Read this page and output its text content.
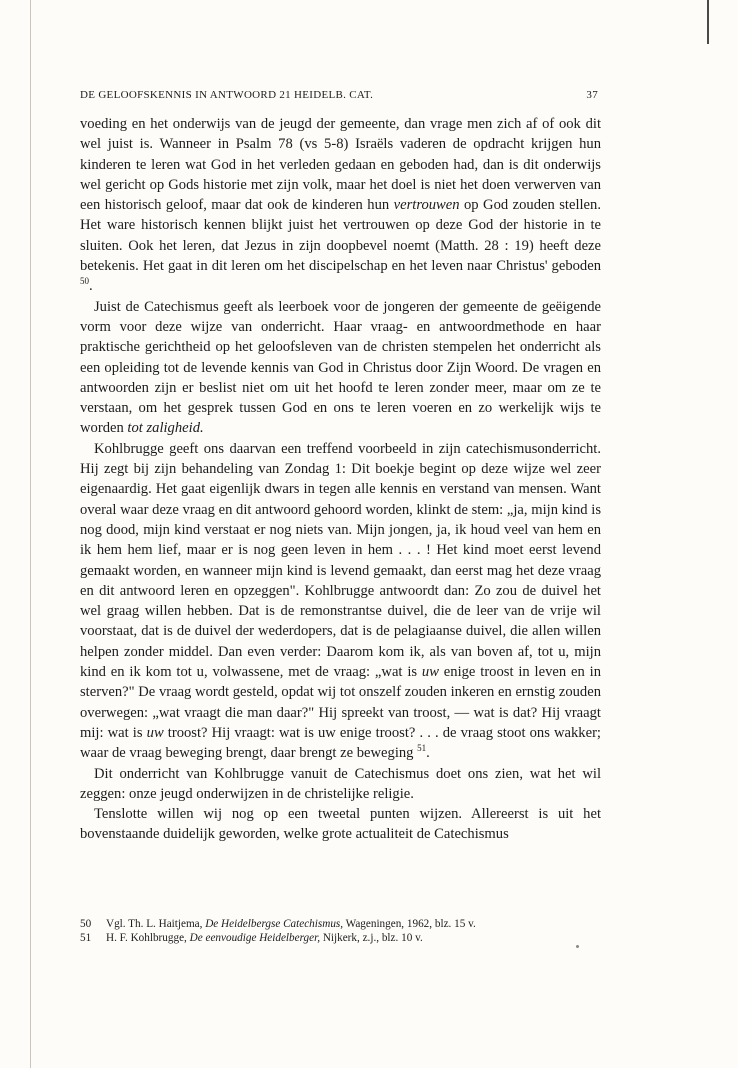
DE GELOOFSKENNIS IN ANTWOORD 21 HEIDELB. CAT.	37

voeding en het onderwijs van de jeugd der gemeente, dan vrage men zich af of ook dit wel juist is. Wanneer in Psalm 78 (vs 5-8) Israëls vaderen de opdracht krijgen hun kinderen te leren wat God in het verleden gedaan en geboden had, dan is dit onderwijs wel gericht op Gods historie met zijn volk, maar het doel is niet het doen verwerven van een historisch geloof, maar dat ook de kinderen hun vertrouwen op God zouden stellen. Het ware historisch kennen blijkt juist het vertrouwen op deze God der historie in te sluiten. Ook het leren, dat Jezus in zijn doopbevel noemt (Matth. 28 : 19) heeft deze betekenis. Het gaat in dit leren om het discipelschap en het leven naar Christus' geboden $^{50}$.

Juist de Catechismus geeft als leerboek voor de jongeren der gemeente de geëigende vorm voor deze wijze van onderricht. Haar vraag- en antwoordmethode en haar praktische gerichtheid op het geloofsleven van de christen stempelen het onderricht als een opleiding tot de levende kennis van God in Christus door Zijn Woord. De vragen en antwoorden zijn er beslist niet om uit het hoofd te leren zonder meer, maar om ze te verstaan, om het gesprek tussen God en ons te leren voeren en zo werkelijk wijs te worden tot zaligheid.

Kohlbrugge geeft ons daarvan een treffend voorbeeld in zijn catechismusonderricht. Hij zegt bij zijn behandeling van Zondag 1: Dit boekje begint op deze wijze wel zeer eigenaardig. Het gaat eigenlijk dwars in tegen alle kennis en verstand van mensen. Want overal waar deze vraag en dit antwoord gehoord worden, klinkt de stem: „ja, mijn kind is nog dood, mijn kind verstaat er nog niets van. Mijn jongen, ja, ik houd veel van hem en ik hem hem lief, maar er is nog geen leven in hem . . . ! Het kind moet eerst levend gemaakt worden, en wanneer mijn kind is levend gemaakt, dan eerst mag het deze vraag en dit antwoord leren en opzeggen". Kohlbrugge antwoordt dan: Zo zou de duivel het wel graag willen hebben. Dat is de remonstrantse duivel, die de leer van de vrije wil voorstaat, dat is de duivel der wederdopers, dat is de pelagiaanse duivel, die allen willen helpen zonder middel. Dan even verder: Daarom kom ik, als van boven af, tot u, mijn kind en ik kom tot u, volwassene, met de vraag: „wat is uw enige troost in leven en in sterven?" De vraag wordt gesteld, opdat wij tot onszelf zouden inkeren en ernstig zouden overwegen: „wat vraagt die man daar?" Hij spreekt van troost, — wat is dat? Hij vraagt mij: wat is uw troost? Hij vraagt: wat is uw enige troost? . . . de vraag stoot ons wakker; waar de vraag beweging brengt, daar brengt ze beweging $^{51}$.

Dit onderricht van Kohlbrugge vanuit de Catechismus doet ons zien, wat het wil zeggen: onze jeugd onderwijzen in de christelijke religie.

Tenslotte willen wij nog op een tweetal punten wijzen. Allereerst is uit het bovenstaande duidelijk geworden, welke grote actualiteit de Catechismus

50	Vgl. Th. L. Haitjema, De Heidelbergse Catechismus, Wageningen, 1962, blz. 15 v.
51	H. F. Kohlbrugge, De eenvoudige Heidelberger, Nijkerk, z.j., blz. 10 v.
